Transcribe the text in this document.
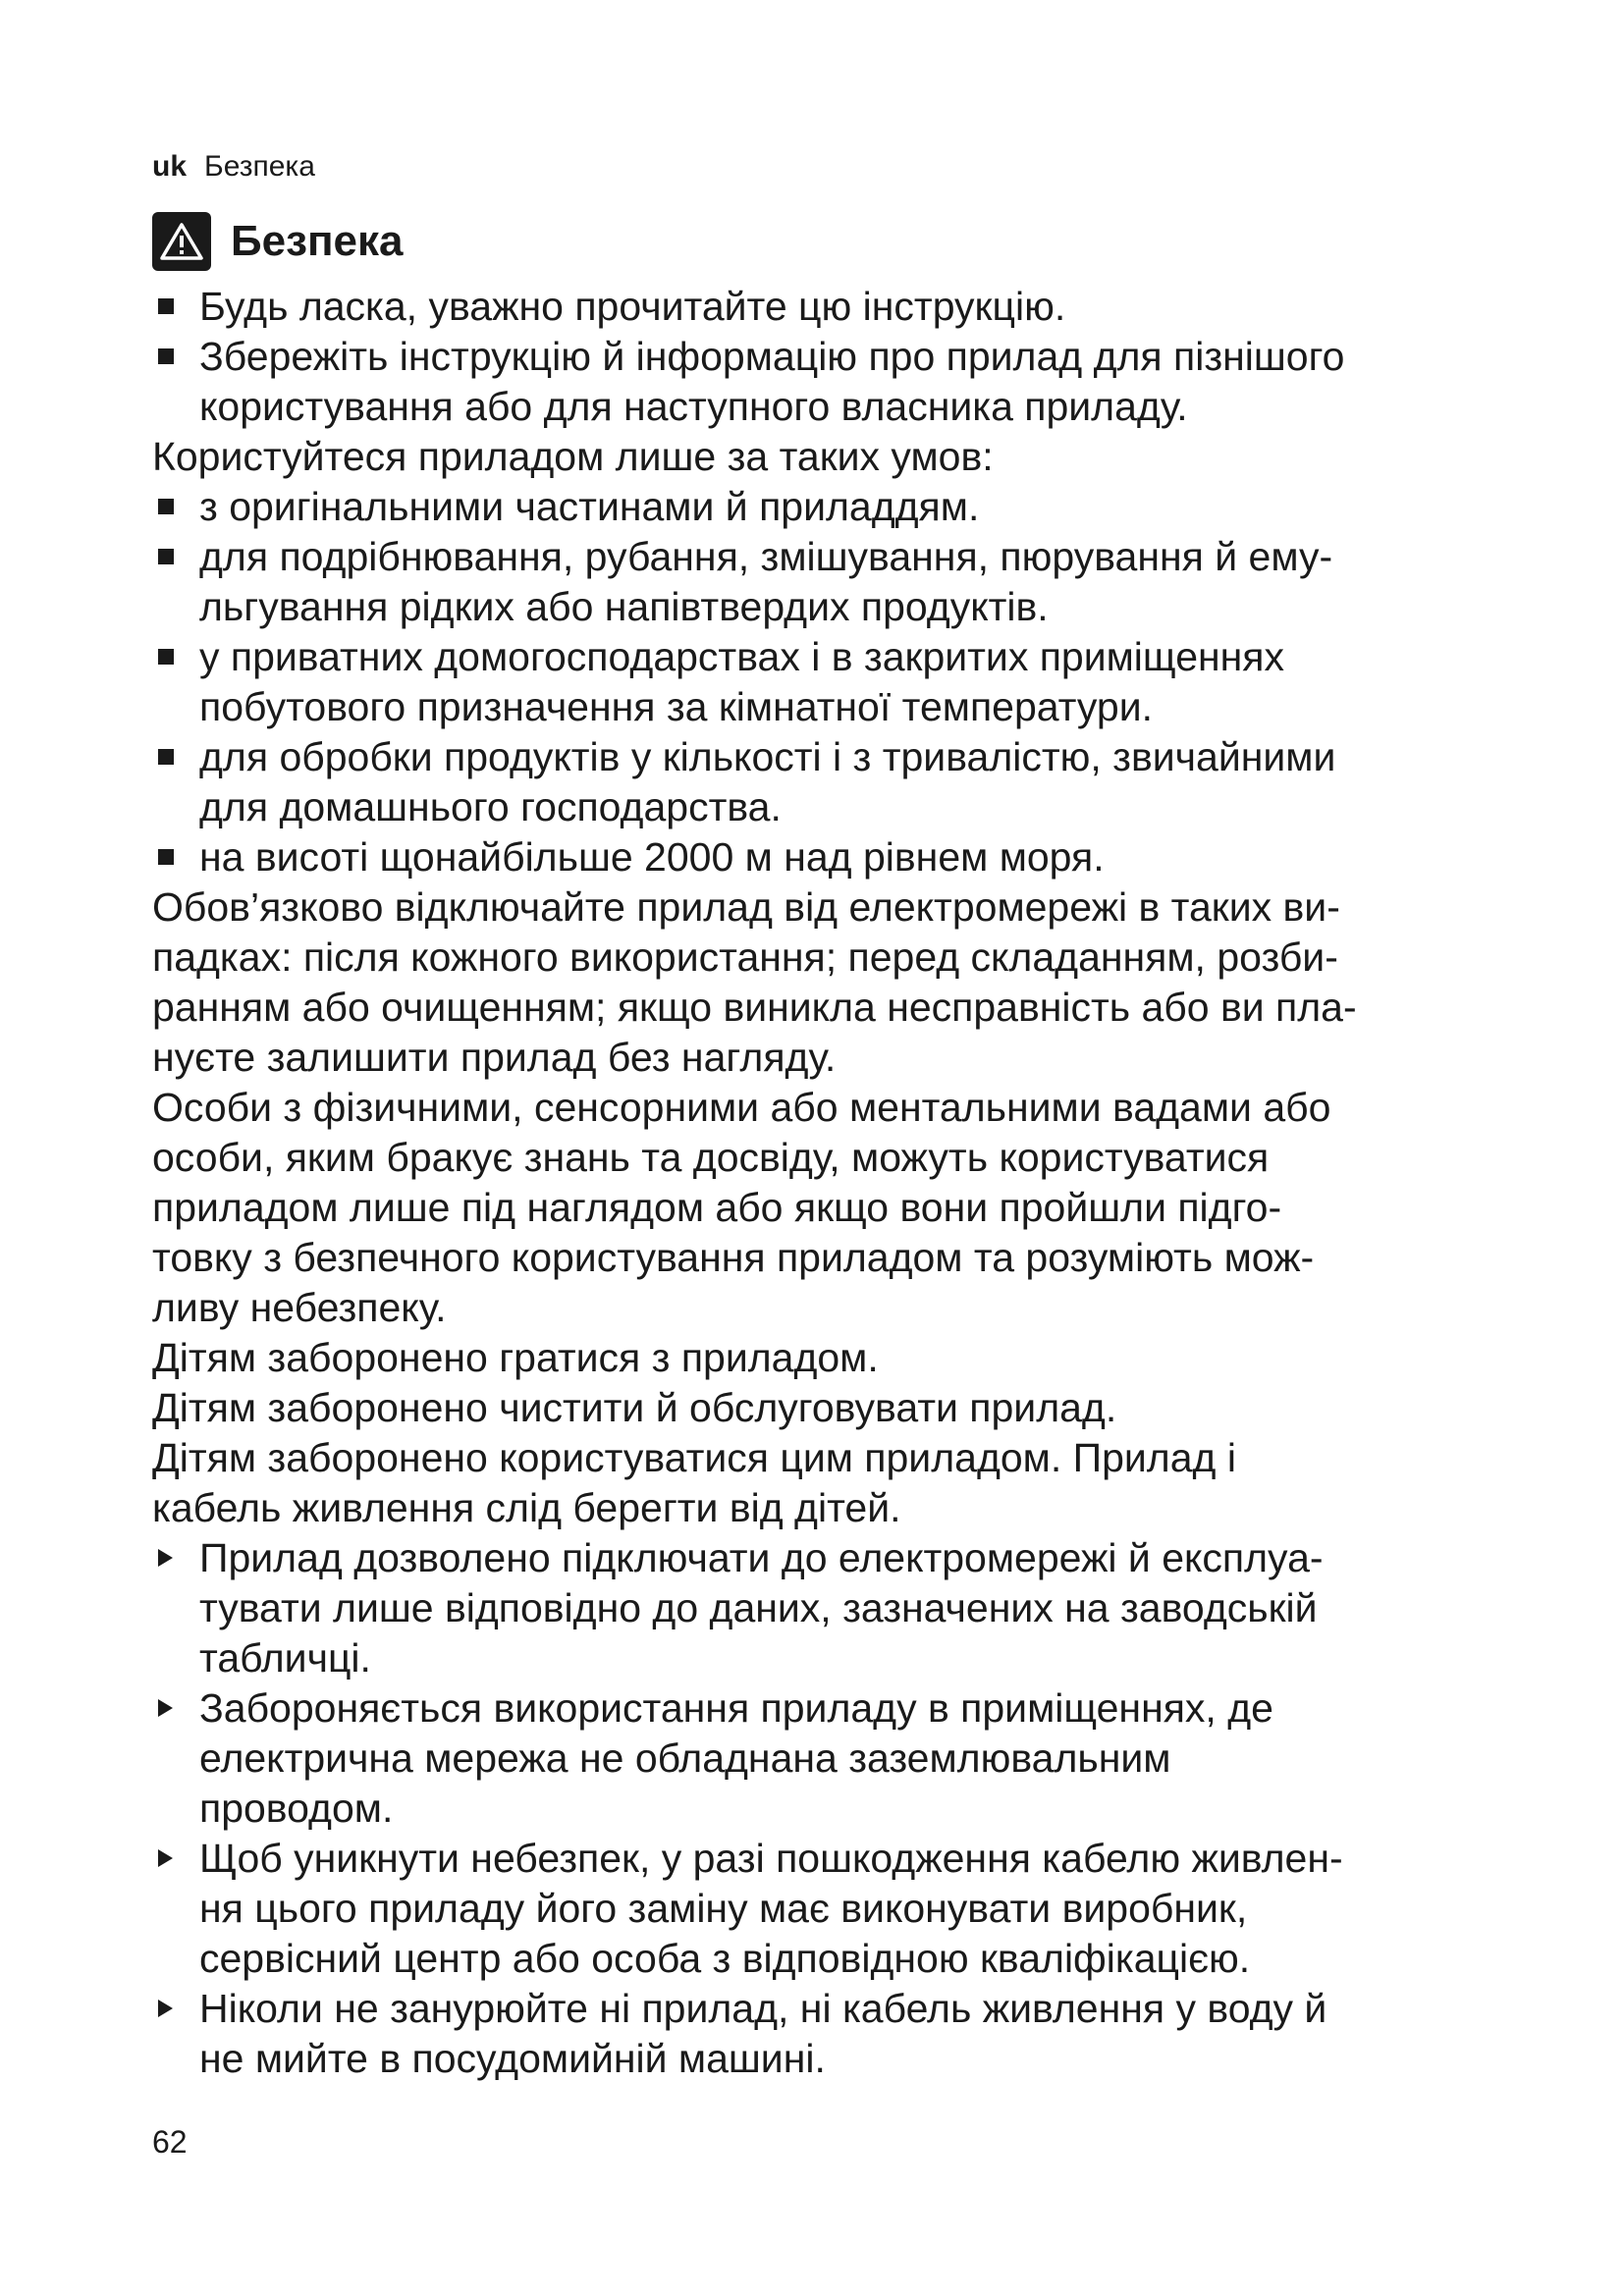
uk Безпека
Безпека
Будь ласка, уважно прочитайте цю інструкцію.
Збережіть інструкцію й інформацію про прилад для пізнішого
користування або для наступного власника приладу.
Користуйтеся приладом лише за таких умов:
з оригінальними частинами й приладдям.
для подрібнювання, рубання, змішування, пюрування й ему-
льгування рідких або напівтвердих продуктів.
у приватних домогосподарствах і в закритих приміщеннях
побутового призначення за кімнатної температури.
для обробки продуктів у кількості і з тривалістю, звичайними
для домашнього господарства.
на висоті щонайбільше 2000 м над рівнем моря.
Обов’язково відключайте прилад від електромережі в таких ви-
падках: після кожного використання; перед складанням, розби-
ранням або очищенням; якщо виникла несправність або ви пла-
нуєте залишити прилад без нагляду.
Особи з фізичними, сенсорними або ментальними вадами або
особи, яким бракує знань та досвіду, можуть користуватися
приладом лише під наглядом або якщо вони пройшли підго-
товку з безпечного користування приладом та розуміють мож-
ливу небезпеку.
Дітям заборонено гратися з приладом.
Дітям заборонено чистити й обслуговувати прилад.
Дітям заборонено користуватися цим приладом. Прилад і
кабель живлення слід берегти від дітей.
Прилад дозволено підключати до електромережі й експлуа-
тувати лише відповідно до даних, зазначених на заводській
табличці.
Забороняється використання приладу в приміщеннях, де
електрична мережа не обладнана заземлювальним
проводом.
Щоб уникнути небезпек, у разі пошкодження кабелю живлен-
ня цього приладу його заміну має виконувати виробник,
сервісний центр або особа з відповідною кваліфікацією.
Ніколи не занурюйте ні прилад, ні кабель живлення у воду й
не мийте в посудомийній машині.
62
